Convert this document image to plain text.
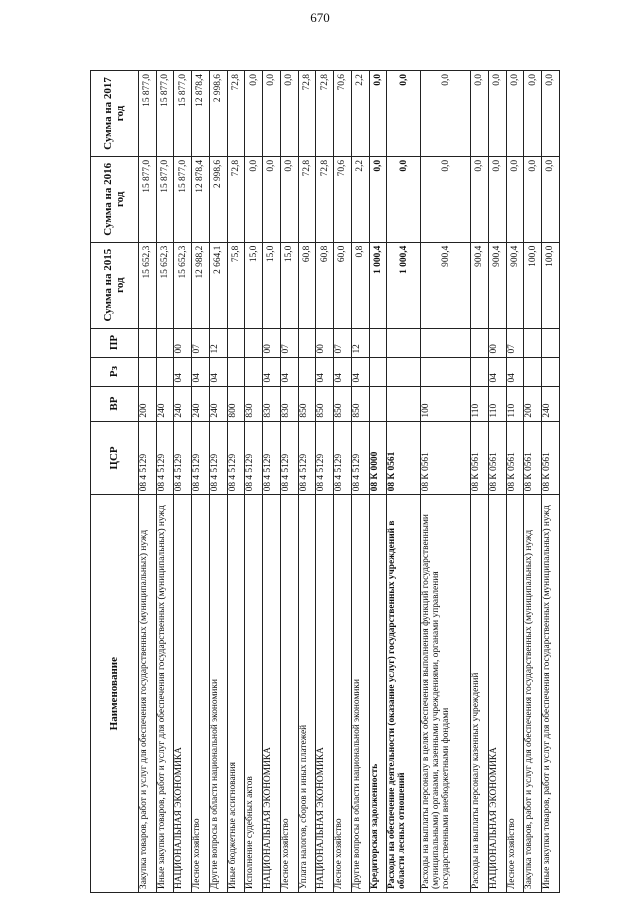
670
Наименование	ЦСР	ВР	Рз	ПР	Сумма на 2015 год	Сумма на 2016 год	Сумма на 2017 год
Закупка товаров, работ и услуг для обеспечения государственных (муниципальных) нужд	08 4 5129	200			15 652,3	15 877,0	15 877,0
Иные закупки товаров, работ и услуг для обеспечения государственных (муниципальных) нужд	08 4 5129	240			15 652,3	15 877,0	15 877,0
НАЦИОНАЛЬНАЯ ЭКОНОМИКА	08 4 5129	240	04	00	15 652,3	15 877,0	15 877,0
Лесное хозяйство	08 4 5129	240	04	07	12 988,2	12 878,4	12 878,4
Другие вопросы в области национальной экономики	08 4 5129	240	04	12	2 664,1	2 998,6	2 998,6
Иные бюджетные ассигнования	08 4 5129	800			75,8	72,8	72,8
Исполнение судебных актов	08 4 5129	830			15,0	0,0	0,0
НАЦИОНАЛЬНАЯ ЭКОНОМИКА	08 4 5129	830	04	00	15,0	0,0	0,0
Лесное хозяйство	08 4 5129	830	04	07	15,0	0,0	0,0
Уплата налогов, сборов и иных платежей	08 4 5129	850			60,8	72,8	72,8
НАЦИОНАЛЬНАЯ ЭКОНОМИКА	08 4 5129	850	04	00	60,8	72,8	72,8
Лесное хозяйство	08 4 5129	850	04	07	60,0	70,6	70,6
Другие вопросы в области национальной экономики	08 4 5129	850	04	12	0,8	2,2	2,2
Кредиторская задолженность	08 К 0000				1 000,4	0,0	0,0
Расходы на обеспечение деятельности (оказание услуг) государственных учреждений в области лесных отношений	08 К 0561				1 000,4	0,0	0,0
Расходы на выплаты персоналу в целях обеспечения выполнения функций государственными (муниципальными) органами, казенными учреждениями, органами управления государственными внебюджетными фондами	08 К 0561	100			900,4	0,0	0,0
Расходы на выплаты персоналу казенных учреждений	08 К 0561	110			900,4	0,0	0,0
НАЦИОНАЛЬНАЯ ЭКОНОМИКА	08 К 0561	110	04	00	900,4	0,0	0,0
Лесное хозяйство	08 К 0561	110	04	07	900,4	0,0	0,0
Закупка товаров, работ и услуг для обеспечения государственных (муниципальных) нужд	08 К 0561	200			100,0	0,0	0,0
Иные закупки товаров, работ и услуг для обеспечения государственных (муниципальных) нужд	08 К 0561	240			100,0	0,0	0,0
